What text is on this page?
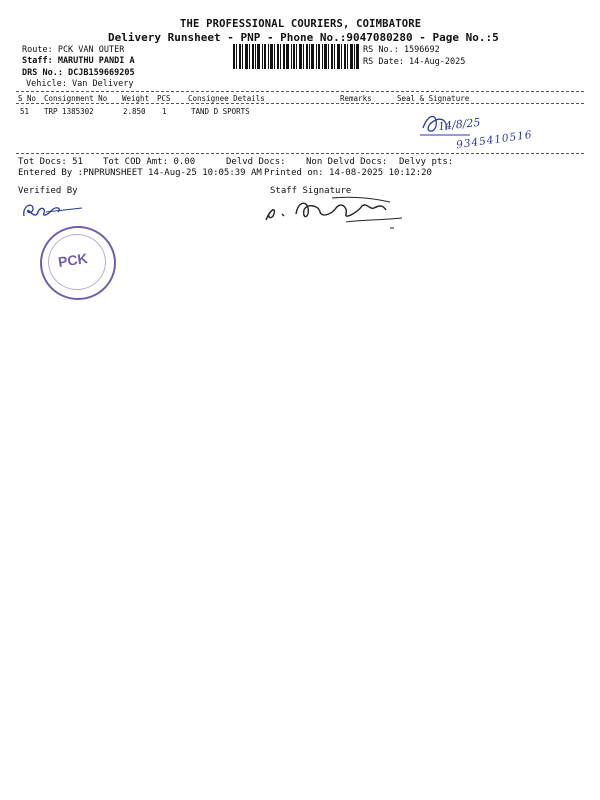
THE PROFESSIONAL COURIERS, COIMBATORE
Delivery Runsheet - PNP - Phone No.:9047080280 - Page No.:5
Route: PCK VAN OUTER
Staff: MARUTHU PANDI A
DRS No.: DCJB159669205
Vehicle: Van Delivery
RS No.: 1596692
RS Date: 14-Aug-2025
S No Consignment No Weight PCS Consignee Details	Remarks	Seal & Signature
51 TRP 1385302	2.850 1	TAND D SPORTS
14/8/25
9345410516
Tot Docs: 51 Tot COD Amt: 0.00	Delvd Docs: Non Delvd Docs: Delvy pts:
Entered By :PNPRUNSHEET 14-Aug-25 10:05:39 AM Printed on: 14-08-2025 10:12:20
Verified By	Staff Signature
PCK
